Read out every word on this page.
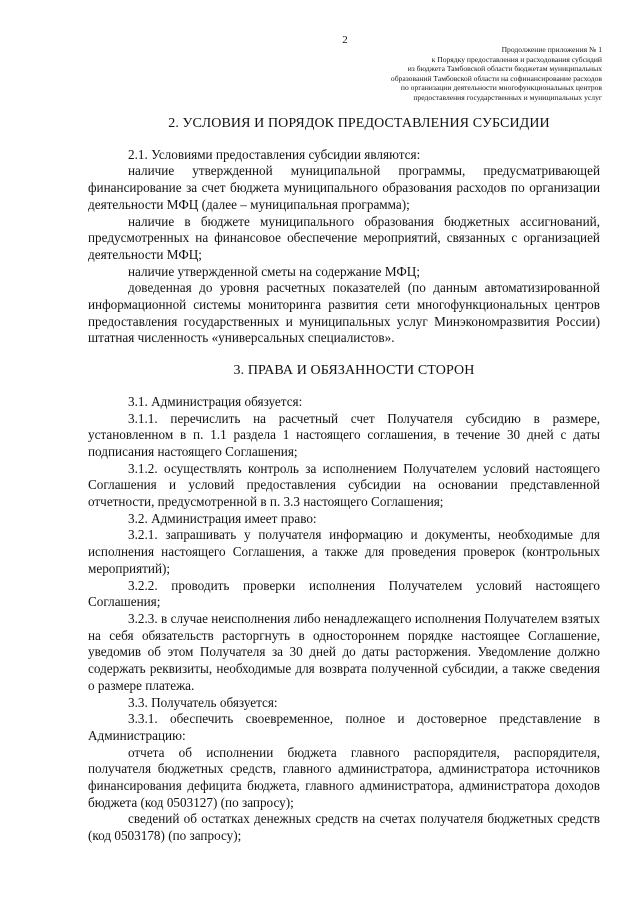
2
Продолжение приложения № 1
к Порядку предоставления и расходования субсидий
из бюджета Тамбовской области бюджетам муниципальных
образований Тамбовской области на софинансирование расходов
по организации деятельности многофункциональных центров
предоставления государственных и муниципальных услуг
2. УСЛОВИЯ И ПОРЯДОК ПРЕДОСТАВЛЕНИЯ СУБСИДИИ

2.1. Условиями предоставления субсидии являются:

наличие утвержденной муниципальной программы, предусматривающей финансирование за счет бюджета муниципального образования расходов по организации деятельности МФЦ (далее – муниципальная программа);

наличие в бюджете муниципального образования бюджетных ассигнований, предусмотренных на финансовое обеспечение мероприятий, связанных с организацией деятельности МФЦ;

наличие утвержденной сметы на содержание МФЦ;

доведенная до уровня расчетных показателей (по данным автоматизированной информационной системы мониторинга развития сети многофункциональных центров предоставления государственных и муниципальных услуг Минэкономразвития России) штатная численность «универсальных специалистов».

3. ПРАВА И ОБЯЗАННОСТИ СТОРОН

3.1. Администрация обязуется:

3.1.1. перечислить на расчетный счет Получателя субсидию в размере, установленном в п. 1.1 раздела 1 настоящего соглашения, в течение 30 дней с даты подписания настоящего Соглашения;

3.1.2. осуществлять контроль за исполнением Получателем условий настоящего Соглашения и условий предоставления субсидии на основании представленной отчетности, предусмотренной в п. 3.3 настоящего Соглашения;

3.2. Администрация имеет право:

3.2.1. запрашивать у получателя информацию и документы, необходимые для исполнения настоящего Соглашения, а также для проведения проверок (контрольных мероприятий);

3.2.2. проводить проверки исполнения Получателем условий настоящего Соглашения;

3.2.3. в случае неисполнения либо ненадлежащего исполнения Получателем взятых на себя обязательств расторгнуть в одностороннем порядке настоящее Соглашение, уведомив об этом Получателя за 30 дней до даты расторжения. Уведомление должно содержать реквизиты, необходимые для возврата полученной субсидии, а также сведения о размере платежа.

3.3. Получатель обязуется:

3.3.1. обеспечить своевременное, полное и достоверное представление в Администрацию:

отчета об исполнении бюджета главного распорядителя, распорядителя, получателя бюджетных средств, главного администратора, администратора источников финансирования дефицита бюджета, главного администратора, администратора доходов бюджета (код 0503127) (по запросу);

сведений об остатках денежных средств на счетах получателя бюджетных средств (код 0503178) (по запросу);
